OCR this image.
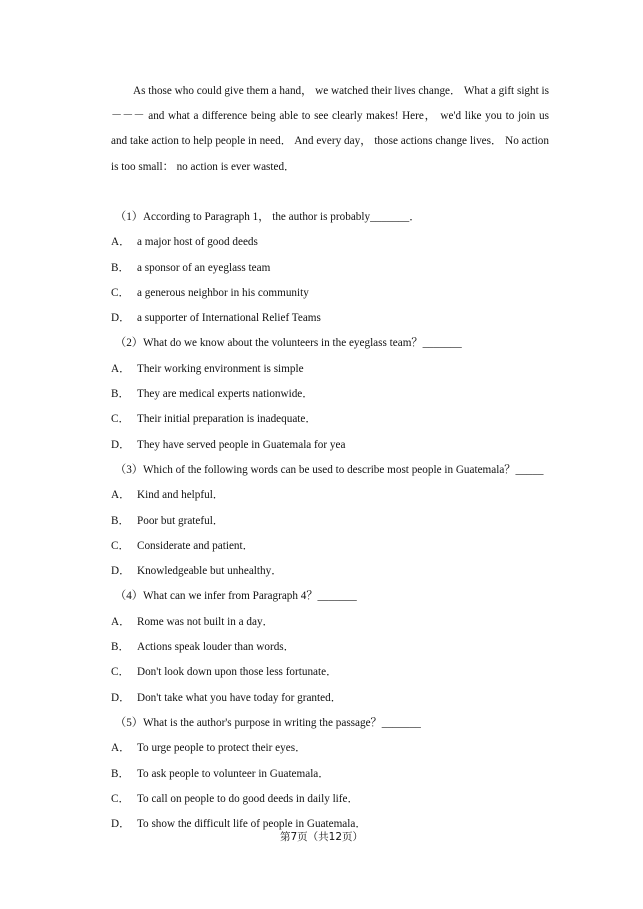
As those who could give them a hand， we watched their lives change． What a gift sight is －－－ and what a difference being able to see clearly makes! Here， we'd like you to join us and take action to help people in need． And every day， those actions change lives． No action is too small： no action is ever wasted．

（1）According to Paragraph 1， the author is probably_______．
A． a major host of good deeds
B． a sponsor of an eyeglass team
C． a generous neighbor in his community
D． a supporter of International Relief Teams
（2）What do we know about the volunteers in the eyeglass team？_______
A． Their working environment is simple
B． They are medical experts nationwide．
C． Their initial preparation is inadequate．
D． They have served people in Guatemala for yea
（3）Which of the following words can be used to describe most people in Guatemala？_____
A． Kind and helpful．
B． Poor but grateful．
C． Considerate and patient．
D． Knowledgeable but unhealthy．
（4）What can we infer from Paragraph 4？_______
A． Rome was not built in a day．
B． Actions speak louder than words．
C． Don't look down upon those less fortunate．
D． Don't take what you have today for granted．
（5）What is the author's purpose in writing the passage？_______
A． To urge people to protect their eyes．
B． To ask people to volunteer in Guatemala．
C． To call on people to do good deeds in daily life．
D． To show the difficult life of people in Guatemala．
第7页（共12页）
